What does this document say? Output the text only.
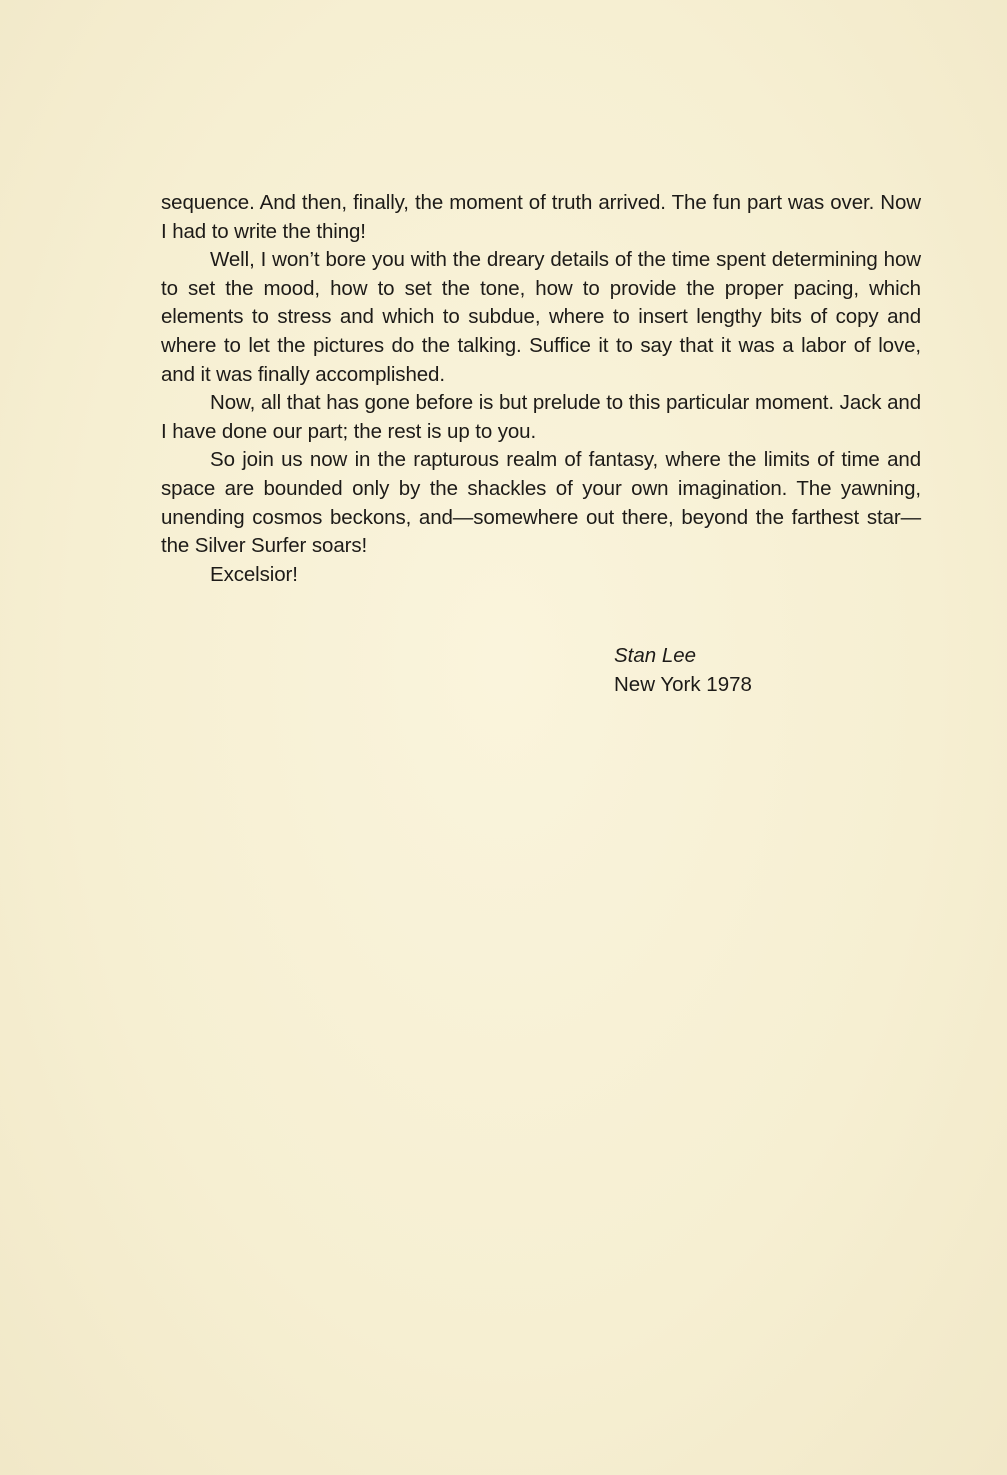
sequence. And then, finally, the moment of truth arrived. The fun part was over. Now I had to write the thing!

Well, I won’t bore you with the dreary details of the time spent determining how to set the mood, how to set the tone, how to provide the proper pacing, which elements to stress and which to subdue, where to insert lengthy bits of copy and where to let the pictures do the talking. Suffice it to say that it was a labor of love, and it was finally accomplished.

Now, all that has gone before is but prelude to this particular moment. Jack and I have done our part; the rest is up to you.

So join us now in the rapturous realm of fantasy, where the limits of time and space are bounded only by the shackles of your own imagination. The yawning, unending cosmos beckons, and—somewhere out there, beyond the farthest star—the Silver Surfer soars!

Excelsior!

Stan Lee
New York 1978
